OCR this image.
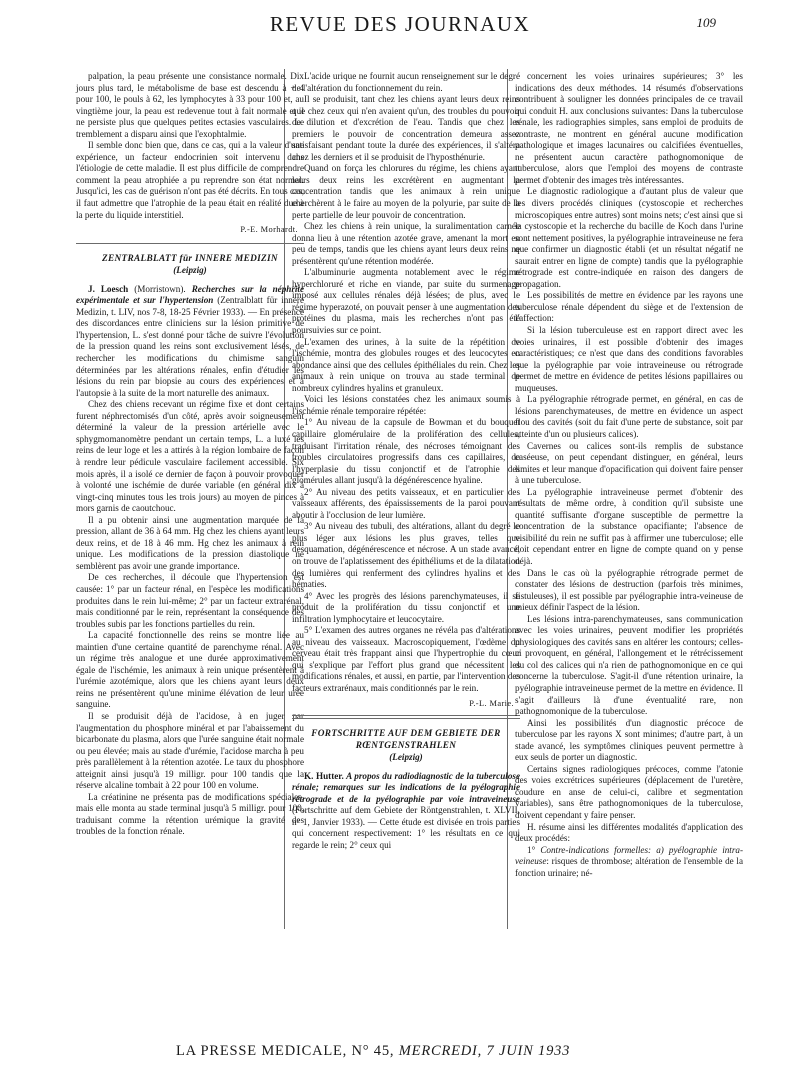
REVUE DES JOURNAUX	109

palpation, la peau présente une consistance normale. Dix jours plus tard, le métabolisme de base est descendu à + 4 pour 100, le pouls à 62, les lymphocytes à 33 pour 100 et, au vingtième jour, la peau est redevenue tout à fait normale et il ne persiste plus que quelques petites ectasies vasculaires. Le tremblement a disparu ainsi que l'exophtalmie.

Il semble donc bien que, dans ce cas, qui a la valeur d'une expérience, un facteur endocrinien soit intervenu dans l'étiologie de cette maladie. Il est plus difficile de comprendre comment la peau atrophiée a pu reprendre son état normal. Jusqu'ici, les cas de guérison n'ont pas été décrits. En tous cas, il faut admettre que l'atrophie de la peau était en réalité due à la perte du liquide interstitiel.

P.-E. Morhardt.

ZENTRALBLATT für INNERE MEDIZIN

(Leipzig)

J. Loesch (Morristown). Recherches sur la néphrite expérimentale et sur l'hypertension (Zentralblatt für innere Medizin, t. LIV, nos 7-8, 18-25 Février 1933). — En présence des discordances entre cliniciens sur la lésion primitive de l'hypertension, L. s'est donné pour tâche de suivre l'évolution de la pression quand les reins sont exclusivement lésés, de rechercher les modifications du chimisme sanguin déterminées par les altérations rénales, enfin d'étudier les lésions du rein par biopsie au cours des expériences et à l'autopsie à la suite de la mort naturelle des animaux.

Chez des chiens recevant un régime fixe et dont certains furent néphrectomisés d'un côté, après avoir soigneusement déterminé la valeur de la pression artérielle avec le sphygmomanomètre pendant un certain temps, L. a luxé les reins de leur loge et les a attirés à la région lombaire de façon à rendre leur pédicule vasculaire facilement accessible. Six mois après, il a isolé ce dernier de façon à pouvoir provoquer à volonté une ischémie de durée variable (en général dix à vingt-cinq minutes tous les trois jours) au moyen de pinces à mors garnis de caoutchouc.

Il a pu obtenir ainsi une augmentation marquée de la pression, allant de 36 à 64 mm. Hg chez les chiens ayant leurs deux reins, et de 18 à 46 mm. Hg chez les animaux à rein unique. Les modifications de la pression diastolique ne semblèrent pas avoir une grande importance.

De ces recherches, il découle que l'hypertension est causée: 1° par un facteur rénal, en l'espèce les modifications produites dans le rein lui-même; 2° par un facteur extrarénal, mais conditionné par le rein, représentant la conséquence des troubles subis par les fonctions partielles du rein.

La capacité fonctionnelle des reins se montre liée au maintien d'une certaine quantité de parenchyme rénal. Avec un régime très analogue et une durée approximativement égale de l'ischémie, les animaux à rein unique présentèrent à l'urémie azotémique, alors que les chiens ayant leurs deux reins ne présentèrent qu'une minime élévation de leur urée sanguine.

Il se produisit déjà de l'acidose, à en juger par l'augmentation du phosphore minéral et par l'abaissement du bicarbonate du plasma, alors que l'urée sanguine était normale ou peu élevée; mais au stade d'urémie, l'acidose marcha à peu près parallèlement à la rétention azotée. Le taux du phosphore atteignit ainsi jusqu'à 19 milligr. pour 100 tandis que la réserve alcaline tombait à 22 pour 100 en volume.

La créatinine ne présenta pas de modifications spéciales, mais elle monta au stade terminal jusqu'à 5 milligr. pour 100, traduisant comme la rétention urémique la gravité des troubles de la fonction rénale.

L'acide urique ne fournit aucun renseignement sur le degré de l'altération du fonctionnement du rein.

Il se produisit, tant chez les chiens ayant leurs deux reins que chez ceux qui n'en avaient qu'un, des troubles du pouvoir de dilution et d'excrétion de l'eau. Tandis que chez les premiers le pouvoir de concentration demeura assez satisfaisant pendant toute la durée des expériences, il s'altéra chez les derniers et il se produisit de l'hyposthénurie.

Quand on força les chlorures du régime, les chiens ayant leurs deux reins les excrétèrent en augmentant la concentration tandis que les animaux à rein unique cherchèrent à le faire au moyen de la polyurie, par suite de la perte partielle de leur pouvoir de concentration.

Chez les chiens à rein unique, la suralimentation carnée donna lieu à une rétention azotée grave, amenant la mort en peu de temps, tandis que les chiens ayant leurs deux reins ne présentèrent qu'une rétention modérée.

L'albuminurie augmenta notablement avec le régime hyperchloruré et riche en viande, par suite du surmenage imposé aux cellules rénales déjà lésées; de plus, avec le régime hyperazoté, on pouvait penser à une augmentation des protéines du plasma, mais les recherches n'ont pas été poursuivies sur ce point.

L'examen des urines, à la suite de la répétition de l'ischémie, montra des globules rouges et des leucocytes en abondance ainsi que des cellules épithéliales du rein. Chez les animaux à rein unique on trouva au stade terminal de nombreux cylindres hyalins et granuleux.

Voici les lésions constatées chez les animaux soumis à l'ischémie rénale temporaire répétée:

1° Au niveau de la capsule de Bowman et du bouquet capillaire glomérulaire de la prolifération des cellules, traduisant l'irritation rénale, des nécroses témoignant des troubles circulatoires progressifs dans ces capillaires, de l'hyperplasie du tissu conjonctif et de l'atrophie des glomérules allant jusqu'à la dégénérescence hyaline.

2° Au niveau des petits vaisseaux, et en particulier des vaisseaux afférents, des épaississements de la paroi pouvant aboutir à l'occlusion de leur lumière.

3° Au niveau des tubuli, des altérations, allant du degré le plus léger aux lésions les plus graves, telles que desquamation, dégénérescence et nécrose. A un stade avancé, on trouve de l'aplatissement des épithéliums et de la dilatation des lumières qui renferment des cylindres hyalins et des hématies.

4° Avec les progrès des lésions parenchymateuses, il se produit de la prolifération du tissu conjonctif et une infiltration lymphocytaire et leucocytaire.

5° L'examen des autres organes ne révéla pas d'altérations au niveau des vaisseaux. Macroscopiquement, l'œdème du cerveau était très frappant ainsi que l'hypertrophie du cœur qui s'explique par l'effort plus grand que nécessitent les modifications rénales, et aussi, en partie, par l'intervention des facteurs extrarénaux, mais conditionnés par le rein.

P.-L. Marie.

FORTSCHRITTE AUF DEM GEBIETE DER RŒNTGENSTRAHLEN

(Leipzig)

K. Hutter. A propos du radiodiagnostic de la tuberculose rénale; remarques sur les indications de la pyélographie rétrograde et de la pyélographie par voie intraveineuse (Fortschritte auf dem Gebiete der Röntgenstrahlen, t. XLVII, n° 1, Janvier 1933). — Cette étude est divisée en trois parties qui concernent respectivement: 1° les résultats en ce qui regarde le rein; 2° ceux qui

concernent les voies urinaires supérieures; 3° les indications des deux méthodes. 14 résumés d'observations contribuent à souligner les données principales de ce travail qui conduit H. aux conclusions suivantes: Dans la tuberculose rénale, les radiographies simples, sans emploi de produits de contraste, ne montrent en général aucune modification pathologique et images lacunaires ou calcifiées éventuelles, ne présentent aucun caractère pathognomonique de tuberculose, alors que l'emploi des moyens de contraste permet d'obtenir des images très intéressantes.

Le diagnostic radiologique a d'autant plus de valeur que les divers procédés cliniques (cystoscopie et recherches microscopiques entre autres) sont moins nets; c'est ainsi que si la cystoscopie et la recherche du bacille de Koch dans l'urine sont nettement positives, la pyélographie intraveineuse ne fera que confirmer un diagnostic établi (et un résultat négatif ne saurait entrer en ligne de compte) tandis que la pyélographie rétrograde est contre-indiquée en raison des dangers de propagation.

Les possibilités de mettre en évidence par les rayons une tuberculose rénale dépendent du siège et de l'extension de l'affection:

Si la lésion tuberculeuse est en rapport direct avec les voies urinaires, il est possible d'obtenir des images caractéristiques; ce n'est que dans des conditions favorables que la pyélographie par voie intraveineuse ou rétrograde permet de mettre en évidence de petites lésions papillaires ou muqueuses.

La pyélographie rétrograde permet, en général, en cas de lésions parenchymateuses, de mettre en évidence un aspect flou des cavités (soit du fait d'une perte de substance, soit par atteinte d'un ou plusieurs calices).

Cavernes ou calices sont-ils remplis de substance caséeuse, on peut cependant distinguer, en général, leurs limites et leur manque d'opacification qui doivent faire penser à une tuberculose.

La pyélographie intraveineuse permet d'obtenir des résultats de même ordre, à condition qu'il subsiste une quantité suffisante d'organe susceptible de permettre la concentration de la substance opacifiante; l'absence de visibilité du rein ne suffit pas à affirmer une tuberculose; elle doit cependant entrer en ligne de compte quand on y pense déjà.

Dans le cas où la pyélographie rétrograde permet de constater des lésions de destruction (parfois très minimes, fistuleuses), il est possible par pyélographie intra-veineuse de mieux définir l'aspect de la lésion.

Les lésions intra-parenchymateuses, sans communication avec les voies urinaires, peuvent modifier les propriétés physiologiques des cavités sans en altérer les contours; celles-ci provoquent, en général, l'allongement et le rétrécissement du col des calices qui n'a rien de pathognomonique en ce qui concerne la tuberculose. S'agit-il d'une rétention urinaire, la pyélographie intraveineuse permet de la mettre en évidence. Il s'agit d'ailleurs là d'une éventualité rare, non pathognomonique de la tuberculose.

Ainsi les possibilités d'un diagnostic précoce de tuberculose par les rayons X sont minimes; d'autre part, à un stade avancé, les symptômes cliniques peuvent permettre à eux seuls de porter un diagnostic.

Certains signes radiologiques précoces, comme l'atonie des voies excrétrices supérieures (déplacement de l'uretère, coudure en anse de celui-ci, calibre et segmentation variables), sans être pathognomoniques de la tuberculose, doivent cependant y faire penser.

H. résume ainsi les différentes modalités d'application des deux procédés:

1° Contre-indications formelles: a) pyélographie intra-veineuse: risques de thrombose; altération de l'ensemble de la fonction urinaire; né-

LA PRESSE MEDICALE, N° 45, MERCREDI, 7 JUIN 1933
